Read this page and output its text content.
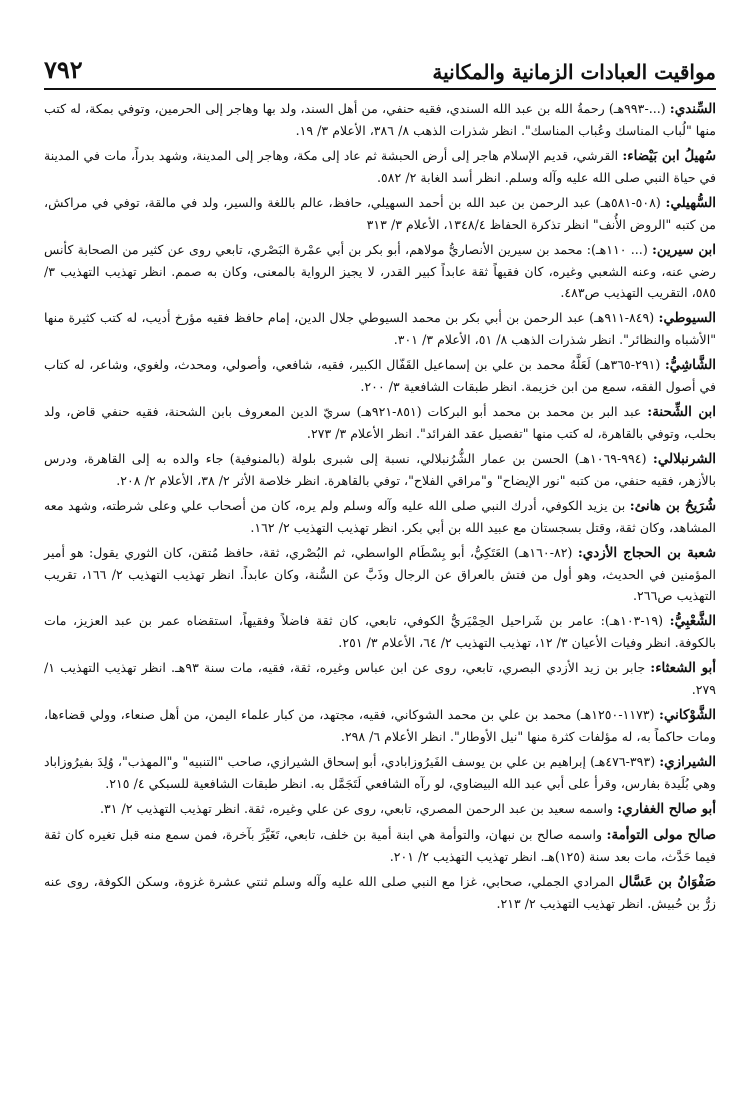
مواقيت العبادات الزمانية والمكانية
٧٩٢

السِّندي: (...-٩٩٣هـ) رحمةُ الله بن عبد الله السندي، فقيه حنفي، من أهل السند، ولد بها وهاجر إلى الحرمين، وتوفي بمكة، له كتب منها "لُباب المناسك وعُباب المناسك". انظر شذرات الذهب ٨/ ٣٨٦، الأعلام ٣/ ١٩.

سُهيلُ ابن بَيْضاء: القرشي، قديم الإسلام هاجر إلى أرض الحبشة ثم عاد إلى مكة، وهاجر إلى المدينة، وشهد بدراً، مات في المدينة في حياة النبي صلى الله عليه وآله وسلم. انظر أسد الغابة ٢/ ٥٨٢.

السُّهيلي: (٥٠٨-٥٨١هـ) عبد الرحمن بن عبد الله بن أحمد السهيلي، حافظ، عالم باللغة والسير، ولد في مالقة، توفي في مراكش، من كتبه "الروض الأُنف" انظر تذكرة الحفاظ ١٣٤٨/٤، الأعلام ٣/ ٣١٣

ابن سيرين: (... ١١٠هـ): محمد بن سيرين الأنصاريُّ مولاهم، أبو بكر بن أبي عمْرة البَصْري، تابعي روى عن كثير من الصحابة كأنس رضي عنه، وعنه الشعبي وغيره، كان فقيهاً ثقة عابداً كبير القدر، لا يجيز الرواية بالمعنى، وكان به صمم. انظر تهذيب التهذيب ٣/ ٥٨٥، التقريب التهذيب ص٤٨٣.

السيوطي: (٨٤٩-٩١١هـ) عبد الرحمن بن أبي بكر بن محمد السيوطي جلال الدين، إمام حافظ فقيه مؤرخ أديب، له كتب كثيرة منها "الأشباه والنظائر". انظر شذرات الذهب ٨/ ٥١، الأعلام ٣/ ٣٠١.

الشَّاشِيُّ: (٢٩١-٣٦٥هـ) لَعَلَّهُ محمد بن علي بن إسماعيل القَفّال الكبير، فقيه، شافعي، وأصولي، ومحدث، ولغوي، وشاعر، له كتاب في أصول الفقه، سمع من ابن خزيمة. انظر طبقات الشافعية ٣/ ٢٠٠.

ابن الشِّحنة: عبد البر بن محمد بن محمد أبو البركات (٨٥١-٩٢١هـ) سريّ الدين المعروف بابن الشحنة، فقيه حنفي قاض، ولد بحلب، وتوفي بالقاهرة، له كتب منها "تفصيل عقد الفرائد". انظر الأعلام ٣/ ٢٧٣.

الشرنبلالي: (٩٩٤-١٠٦٩هـ) الحسن بن عمار الشُّرُنبلالي، نسبة إلى شبرى بلولة (بالمنوفية) جاء والده به إلى القاهرة، ودرس بالأزهر، فقيه حنفي، من كتبه "نور الإيضاح" و"مراقي الفلاح"، توفي بالقاهرة. انظر خلاصة الأثر ٢/ ٣٨، الأعلام ٢/ ٢٠٨.

شُرَيحُ بن هانئ: بن يزيد الكوفي، أدرك النبي صلى الله عليه وآله وسلم ولم يره، كان من أصحاب علي وعلى شرطته، وشهد معه المشاهد، وكان ثقة، وقتل بسجستان مع عبيد الله بن أبي بكر. انظر تهذيب التهذيب ٢/ ١٦٢.

شعبة بن الحجاج الأزدي: (٨٢-١٦٠هـ) العَتَكِيُّ، أبو بِسْطَام الواسطي، ثم البُصْري، ثقة، حافظ مُتقن، كان الثوري يقول: هو أمير المؤمنين في الحديث، وهو أول من فتش بالعراق عن الرجال وذَبَّ عن السُّنة، وكان عابداً. انظر تهذيب التهذيب ٢/ ١٦٦، تقريب التهذيب ص٢٦٦.

الشَّعْبِيُّ: (١٩-١٠٣هـ): عامر بن شَراحيل الحِمْيَريُّ الكوفي، تابعي، كان ثقة فاضلاً وفقيهاً، استقضاه عمر بن عبد العزيز، مات بالكوفة. انظر وفيات الأعيان ٣/ ١٢، تهذيب التهذيب ٢/ ٦٤، الأعلام ٣/ ٢٥١.

أبو الشعثاء: جابر بن زيد الأزدي البصري، تابعي، روى عن ابن عباس وغيره، ثقة، فقيه، مات سنة ٩٣هـ. انظر تهذيب التهذيب ١/ ٢٧٩.

الشَّوْكاني: (١١٧٣-١٢٥٠هـ) محمد بن علي بن محمد الشوكاني، فقيه، مجتهد، من كبار علماء اليمن، من أهل صنعاء، وولي قضاءها، ومات حاكماً به، له مؤلفات كثرة منها "نيل الأوطار". انظر الأعلام ٦/ ٢٩٨.

الشيرازي: (٣٩٣-٤٧٦هـ) إبراهيم بن علي بن يوسف الفَيرُوزابادي، أبو إسحاق الشيرازي، صاحب "التنبيه" و"المهذب"، وُلِدَ بفيرُوزاباد وهي بُلَيدة بفارس، وقرأ على أبي عبد الله البيضاوي، لو رآه الشافعي لَتَجَمَّل به. انظر طبقات الشافعية للسبكي ٤/ ٢١٥.

أبو صالح الغفاري: واسمه سعيد بن عبد الرحمن المصري، تابعي، روى عن علي وغيره، ثقة. انظر تهذيب التهذيب ٢/ ٣١.

صالح مولى التوأمة: واسمه صالح بن نبهان، والتوأمة هي ابنة أمية بن خلف، تابعي، تَغَيَّرَ بآخرة، فمن سمع منه قبل تغيره كان ثقة فيما حَدَّث، مات بعد سنة (١٢٥)هـ. انظر تهذيب التهذيب ٢/ ٢٠١.

صَفْوَانُ بن عَسَّال المرادي الجملي، صحابي، غزا مع النبي صلى الله عليه وآله وسلم ثنتي عشرة غزوة، وسكن الكوفة، روى عنه زرُّ بن حُبيش. انظر تهذيب التهذيب ٢/ ٢١٣.
